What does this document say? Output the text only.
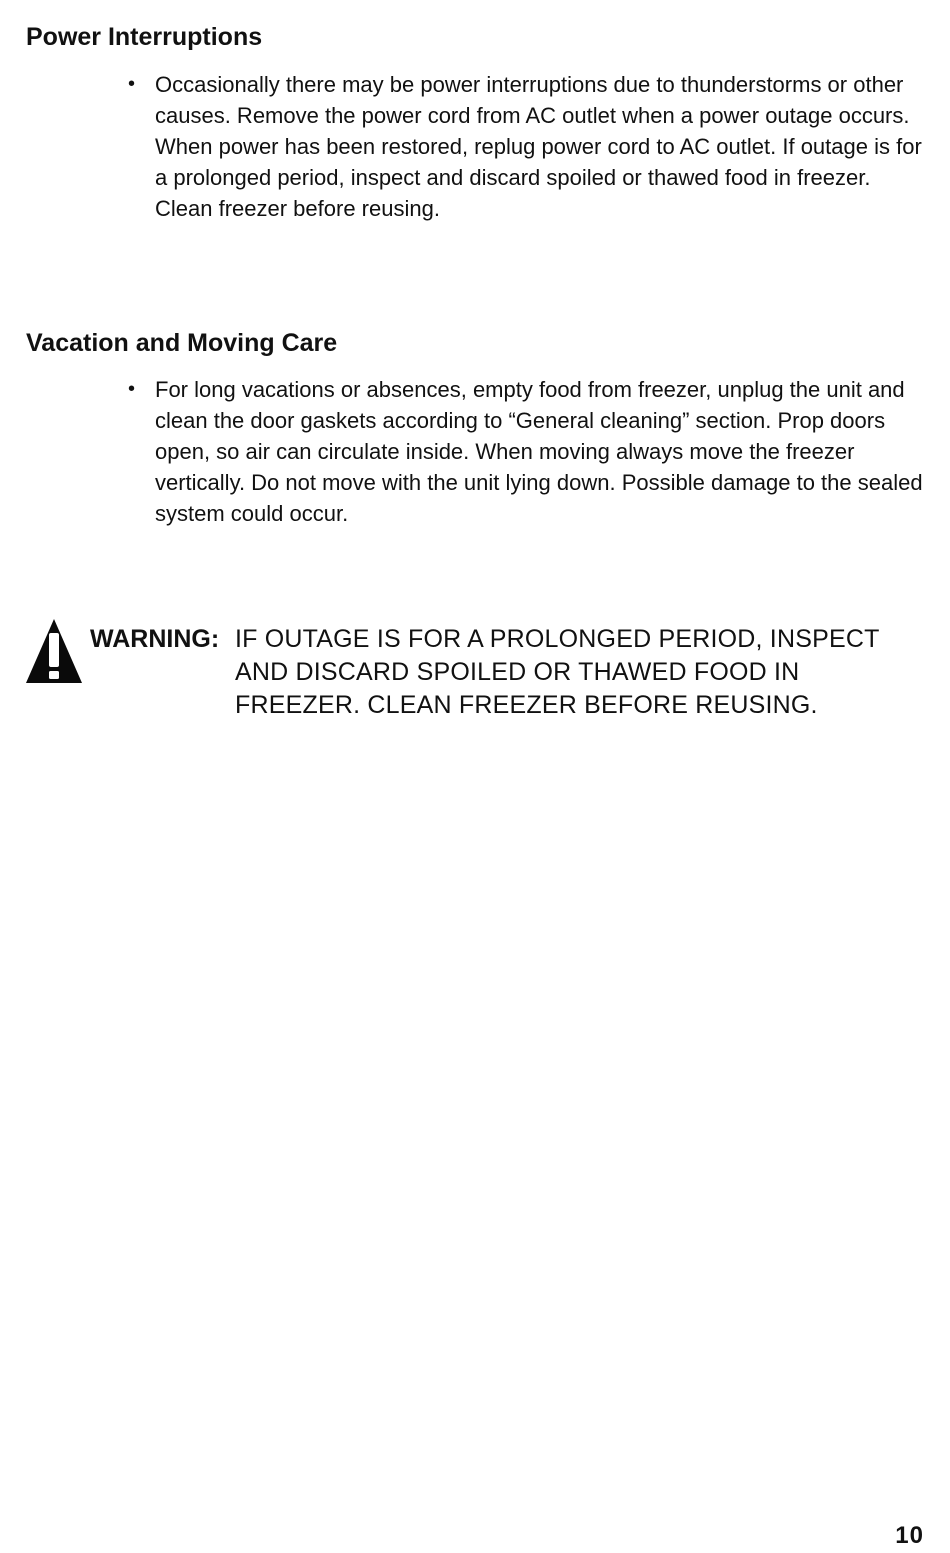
Power Interruptions
• Occasionally there may be power interruptions due to thunderstorms or other causes. Remove the power cord from AC outlet when a power outage occurs. When power has been restored, replug power cord to AC outlet. If outage is for a prolonged period, inspect and discard spoiled or thawed food in freezer. Clean freezer before reusing.
Vacation and Moving Care
• For long vacations or absences, empty food from freezer, unplug the unit and clean the door gaskets according to “General cleaning” section. Prop doors open, so air can circulate inside. When moving always move the freezer vertically. Do not move with the unit lying down. Possible damage to the sealed system could occur.
WARNING: IF OUTAGE IS FOR A PROLONGED PERIOD, INSPECT AND DISCARD SPOILED OR THAWED FOOD IN FREEZER. CLEAN FREEZER BEFORE REUSING.
10
